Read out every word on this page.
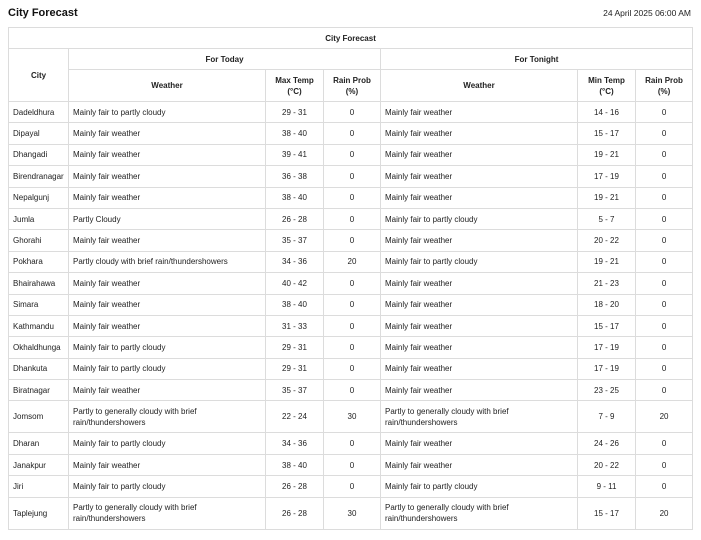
City Forecast	24 April 2025 06:00 AM
City Forecast						
City	For Today			For Tonight		
	Weather	Max Temp (°C)	Rain Prob (%)	Weather	Min Temp (°C)	Rain Prob (%)
Dadeldhura	Mainly fair to partly cloudy	29 - 31	0	Mainly fair weather	14 - 16	0
Dipayal	Mainly fair weather	38 - 40	0	Mainly fair weather	15 - 17	0
Dhangadi	Mainly fair weather	39 - 41	0	Mainly fair weather	19 - 21	0
Birendranagar	Mainly fair weather	36 - 38	0	Mainly fair weather	17 - 19	0
Nepalgunj	Mainly fair weather	38 - 40	0	Mainly fair weather	19 - 21	0
Jumla	Partly Cloudy	26 - 28	0	Mainly fair to partly cloudy	5 - 7	0
Ghorahi	Mainly fair weather	35 - 37	0	Mainly fair weather	20 - 22	0
Pokhara	Partly cloudy with brief rain/thundershowers	34 - 36	20	Mainly fair to partly cloudy	19 - 21	0
Bhairahawa	Mainly fair weather	40 - 42	0	Mainly fair weather	21 - 23	0
Simara	Mainly fair weather	38 - 40	0	Mainly fair weather	18 - 20	0
Kathmandu	Mainly fair weather	31 - 33	0	Mainly fair weather	15 - 17	0
Okhaldhunga	Mainly fair to partly cloudy	29 - 31	0	Mainly fair weather	17 - 19	0
Dhankuta	Mainly fair to partly cloudy	29 - 31	0	Mainly fair weather	17 - 19	0
Biratnagar	Mainly fair weather	35 - 37	0	Mainly fair weather	23 - 25	0
Jomsom	Partly to generally cloudy with brief rain/thundershowers	22 - 24	30	Partly to generally cloudy with brief rain/thundershowers	7 - 9	20
Dharan	Mainly fair to partly cloudy	34 - 36	0	Mainly fair weather	24 - 26	0
Janakpur	Mainly fair weather	38 - 40	0	Mainly fair weather	20 - 22	0
Jiri	Mainly fair to partly cloudy	26 - 28	0	Mainly fair to partly cloudy	9 - 11	0
Taplejung	Partly to generally cloudy with brief rain/thundershowers	26 - 28	30	Partly to generally cloudy with brief rain/thundershowers	15 - 17	20
